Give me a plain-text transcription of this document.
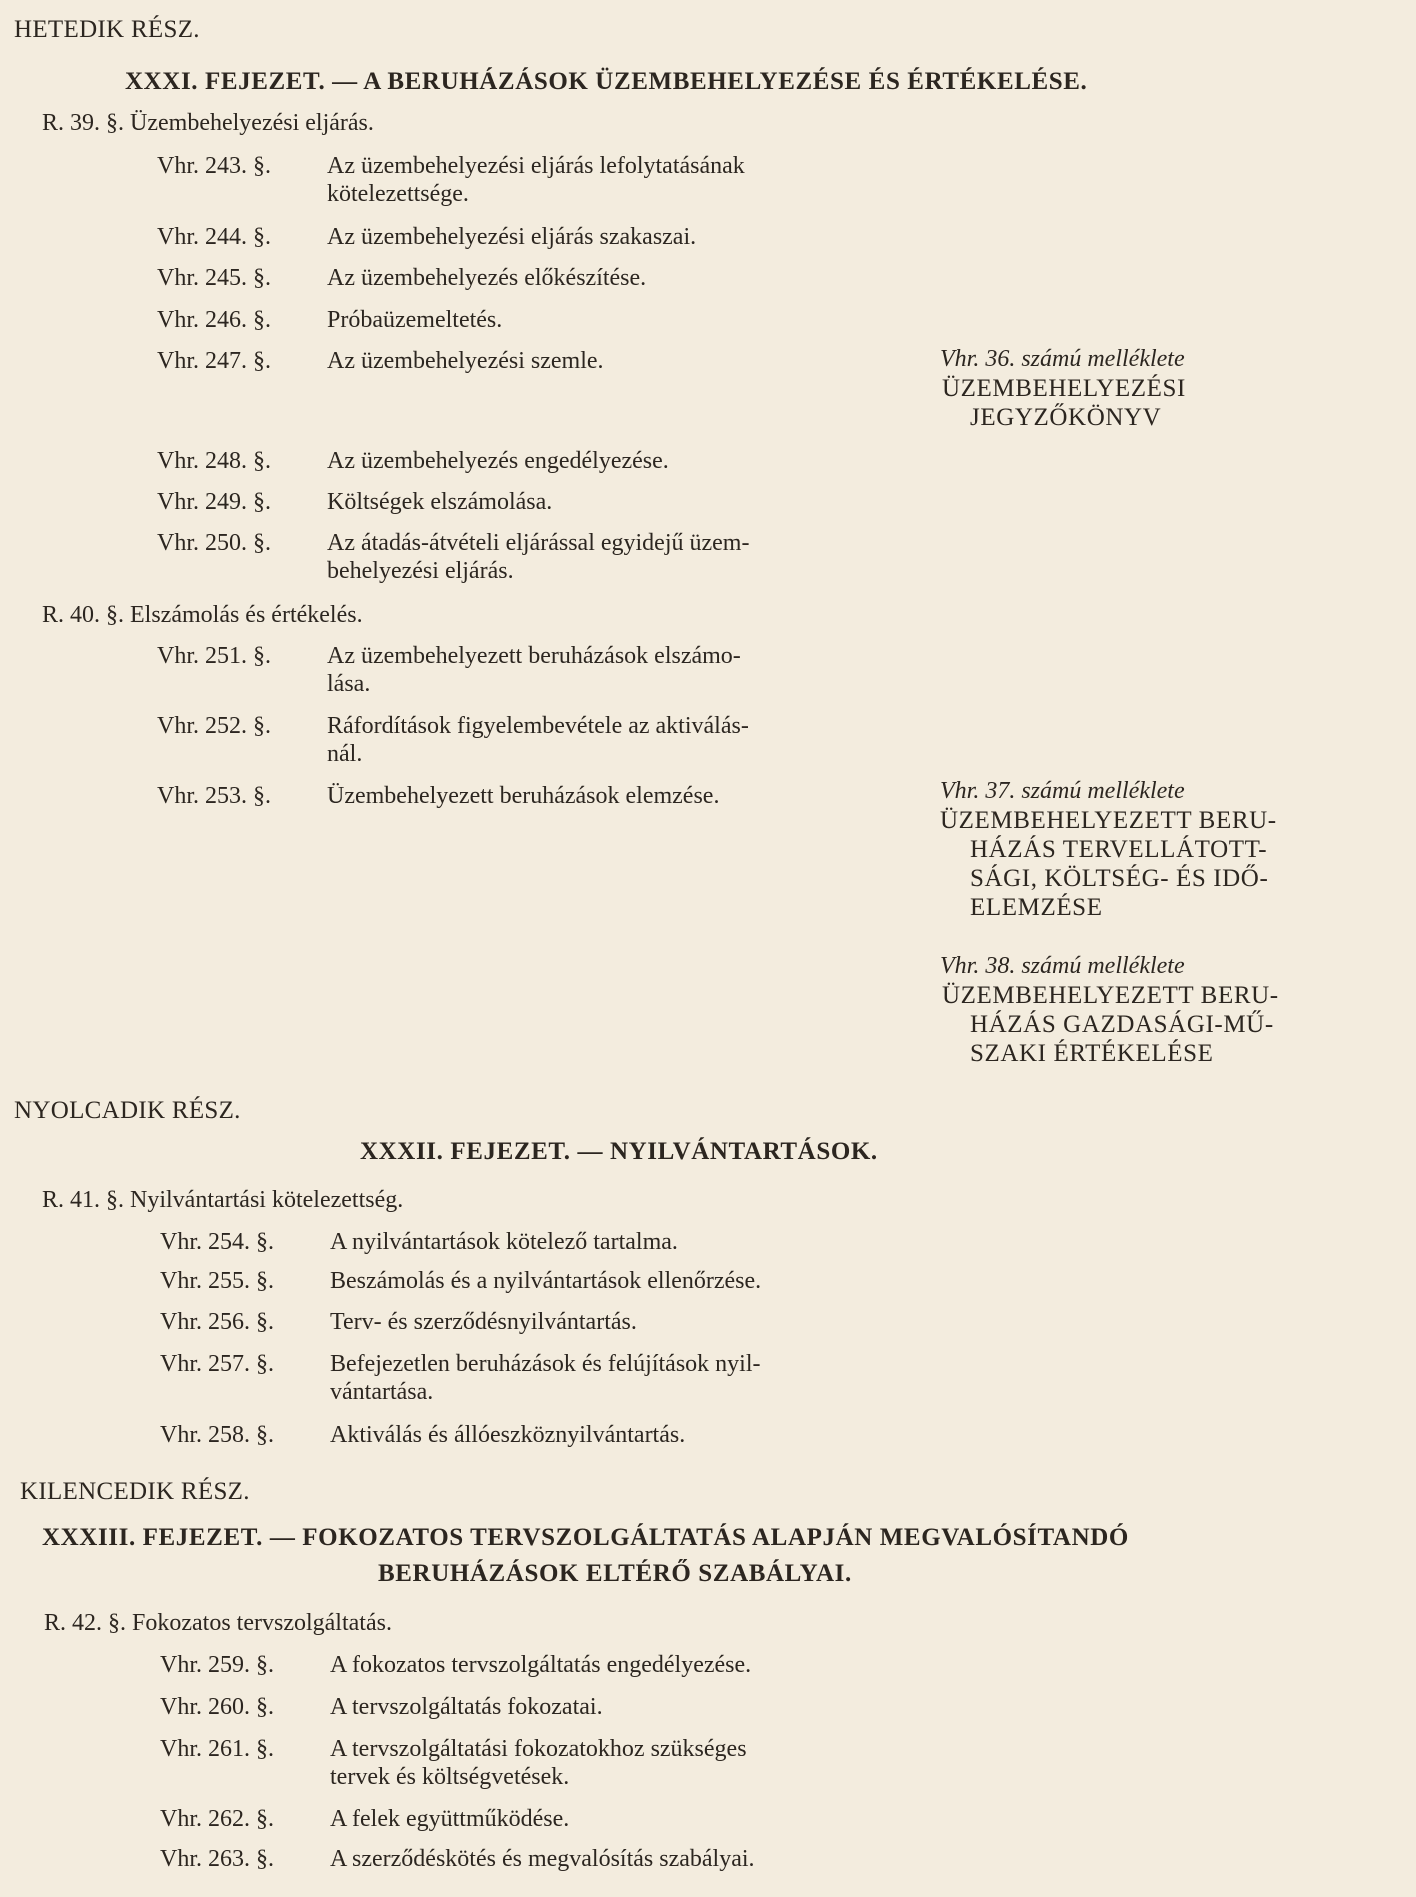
HETEDIK RÉSZ.
XXXI. FEJEZET. — A BERUHÁZÁSOK ÜZEMBEHELYEZÉSE ÉS ÉRTÉKELÉSE.
R. 39. §. Üzembehelyezési eljárás.
Vhr. 243. §. Az üzembehelyezési eljárás lefolytatásának
kötelezettsége.
Vhr. 244. §. Az üzembehelyezési eljárás szakaszai.
Vhr. 245. §. Az üzembehelyezés előkészítése.
Vhr. 246. §. Próbaüzemeltetés.
Vhr. 247. §. Az üzembehelyezési szemle.	Vhr. 36. számú melléklete
ÜZEMBEHELYEZÉSI
JEGYZŐKÖNYV
Vhr. 248. §. Az üzembehelyezés engedélyezése.
Vhr. 249. §. Költségek elszámolása.
Vhr. 250. §. Az átadás-átvételi eljárással egyidejű üzem-
behelyezési eljárás.
R. 40. §. Elszámolás és értékelés.
Vhr. 251. §. Az üzembehelyezett beruházások elszámo-
lása.
Vhr. 252. §. Ráfordítások figyelembevétele az aktiválás-
nál.
Vhr. 253. §. Üzembehelyezett beruházások elemzése.	Vhr. 37. számú melléklete
ÜZEMBEHELYEZETT BERU-
HÁZÁS TERVELLÁTOTT-
SÁGI, KÖLTSÉG- ÉS IDŐ-
ELEMZÉSE
Vhr. 38. számú melléklete
ÜZEMBEHELYEZETT BERU-
HÁZÁS GAZDASÁGI-MŰ-
SZAKI ÉRTÉKELÉSE
NYOLCADIK RÉSZ.
XXXII. FEJEZET. — NYILVÁNTARTÁSOK.
R. 41. §. Nyilvántartási kötelezettség.
Vhr. 254. §. A nyilvántartások kötelező tartalma.
Vhr. 255. §. Beszámolás és a nyilvántartások ellenőrzése.
Vhr. 256. §. Terv- és szerződésnyilvántartás.
Vhr. 257. §. Befejezetlen beruházások és felújítások nyil-
vántartása.
Vhr. 258. §. Aktiválás és állóeszköznyilvántartás.
KILENCEDIK RÉSZ.
XXXIII. FEJEZET. — FOKOZATOS TERVSZOLGÁLTATÁS ALAPJÁN MEGVALÓSÍTANDÓ
BERUHÁZÁSOK ELTÉRŐ SZABÁLYAI.
R. 42. §. Fokozatos tervszolgáltatás.
Vhr. 259. §. A fokozatos tervszolgáltatás engedélyezése.
Vhr. 260. §. A tervszolgáltatás fokozatai.
Vhr. 261. §. A tervszolgáltatási fokozatokhoz szükséges
tervek és költségvetések.
Vhr. 262. §. A felek együttműködése.
Vhr. 263. §. A szerződéskötés és megvalósítás szabályai.
